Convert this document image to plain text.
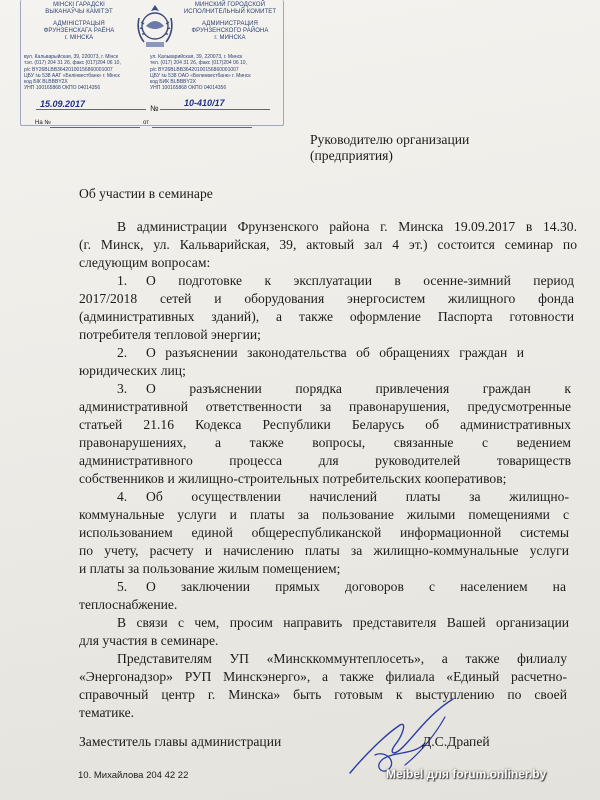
МІНСКІ ГАРАДСКІ
ВЫКАНАЎЧЫ КАМІТЭТ
АДМІНІСТРАЦЫЯ
ФРУНЗЕНСКАГА РАЁНА
г. МІНСКА
МИНСКИЙ ГОРОДСКОЙ
ИСПОЛНИТЕЛЬНЫЙ КОМИТЕТ
АДМИНИСТРАЦИЯ
ФРУНЗЕНСКОГО РАЙОНА
г. МИНСКА
вул. Кальварыйская, 39, 220073, г. Мінск
тэл. (017) 204 31 26, факс (017)204 06 10,
р/с BY26BLBB36420100156860001007
ЦБУ № 538 ААТ «Белінвестбанк» г. Мінск
код БІК BLBBBY2X
УНП 100165868 ОКПО 04014356
ул. Кальварийская, 39, 220073, г. Минск
тел. (017) 204 31 26, факс (017)204 06 10,
р/с BY26BLBB36420100156860001007
ЦБУ № 538 ОАО «Белинвестбанк» г. Минск
код БИК BLBBBY2X
УНП 100165868 ОКПО 04014356
15.09.2017	№
10-410/17
На №	от
Руководителю организации
(предприятия)
Об участии в семинаре
В администрации Фрунзенского района г. Минска 19.09.2017 в 14.30.
(г. Минск, ул. Кальварийская, 39, актовый зал 4 эт.) состоится семинар по
следующим вопросам:
1. О подготовке к эксплуатации в осенне-зимний период
2017/2018 сетей и оборудования энергосистем жилищного фонда
(административных зданий), а также оформление Паспорта готовности
потребителя тепловой энергии;
2. О разъяснении законодательства об обращениях граждан и
юридических лиц;
3. О разъяснении порядка привлечения граждан к
административной ответственности за правонарушения, предусмотренные
статьей 21.16 Кодекса Республики Беларусь об административных
правонарушениях, а также вопросы, связанные с ведением
административного процесса для руководителей товариществ
собственников и жилищно-строительных потребительских кооперативов;
4. Об осуществлении начислений платы за жилищно-
коммунальные услуги и платы за пользование жилыми помещениями с
использованием единой общереспубликанской информационной системы
по учету, расчету и начислению платы за жилищно-коммунальные услуги
и платы за пользование жилым помещением;
5. О заключении прямых договоров с населением на
теплоснабжение.
В связи с чем, просим направить представителя Вашей организации
для участия в семинаре.
Представителям УП «Минсккоммунтеплосеть», а также филиалу
«Энергонадзор» РУП Минскэнерго», а также филиала «Единый расчетно-
справочный центр г. Минска» быть готовым к выступлению по своей
тематике.
Заместитель главы администрации	Д.С.Драпей
10. Михайлова 204 42 22	Meibel для forum.onliner.by
